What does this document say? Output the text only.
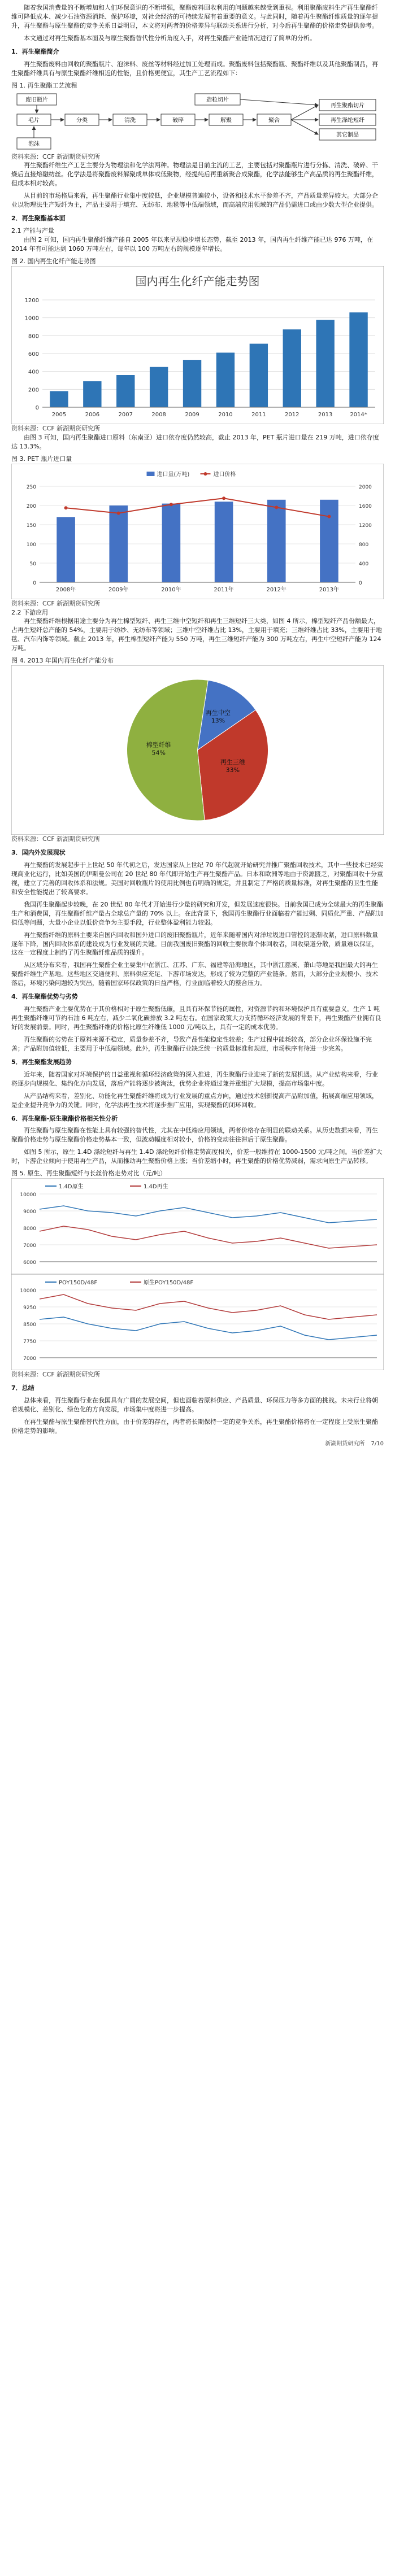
随着我国消费量的不断增加和人们环保意识的不断增强，聚酯废料回收利用的问题越来越受到重视。利用聚酯废料生产再生聚酯纤维可降低成本、减少石油资源消耗、保护环境，对社会经济的可持续发展有着重要的意义。与此同时，随着再生聚酯纤维质量的逐年提升，再生聚酯与原生聚酯的竞争关系日益明显，本文将对两者的价格差异与联动关系进行分析，对今后再生聚酯的价格走势提供参考。

本文通过对再生聚酯基本面及与原生聚酯替代性分析角度入手，对再生聚酯产业链情况进行了简单的分析。

1．再生聚酯简介

再生聚酯废料由回收的聚酯瓶片、泡沫料、废丝等材料经过加工处理而成。聚酯废料包括聚酯瓶、聚酯纤维以及其他聚酯制品，再生聚酯纤维具有与原生聚酯纤维相近的性能，且价格更便宜，其生产工艺流程如下：

图 1. 再生聚酯工艺流程
废旧瓶片	造粒切片
毛片	分类	清洗	破碎	解聚	聚合
再生聚酯切片
再生涤纶短纤
其它制品
泡沫
资料来源：CCF 新湖期货研究所

再生聚酯纤维生产工艺主要分为物理法和化学法两种。物理法是目前主流的工艺，主要包括对聚酯瓶片进行分拣、清洗、破碎、干燥后直接熔融纺丝。化学法是将聚酯废料解聚成单体或低聚物，经提纯后再重新聚合成聚酯，化学法能够生产高品质的再生聚酯纤维，但成本相对较高。

从目前的市场格局来看，再生聚酯行业集中度较低，企业规模普遍较小，设备和技术水平参差不齐，产品质量差异较大。大部分企业以物理法生产短纤为主，产品主要用于填充、无纺布、地毯等中低端领域，而高端应用领域的产品仍需进口或由少数大型企业提供。

2．再生聚酯基本面
2.1 产能与产量

由图 2 可知，国内再生聚酯纤维产能自 2005 年以来呈现稳步增长态势，截至 2013 年，国内再生纤维产能已达 976 万吨，在 2014 年有可能达到 1060 万吨左右，每年以 100 万吨左右的规模逐年增长。

图 2. 国内再生化纤产能走势图
国内再生化纤产能走势图
0
200
400
600
800
1000
1200
2005	2006	2007	2008	2009	2010	2011	2012	2013	2014*
资料来源：CCF 新湖期货研究所

由图 3 可知，国内再生聚酯进口原料（东南亚）进口依存度仍然较高，截止 2013 年，PET 瓶片进口量在 219 万吨，进口依存度达 13.3%。

图 3. PET 瓶片进口量
0	0
50	400
100	800
150	1200
200	1600
250	2000
2008年	2009年	2010年	2011年	2012年	2013年
进口量(万吨)	进口价格
资料来源：CCF 新湖期货研究所
2.2 下游应用

再生聚酯纤维根据用途主要分为再生棉型短纤、再生三维中空短纤和再生三维短纤三大类，如图 4 所示，棉型短纤产品份额最大，占再生短纤总产能的 54%，主要用于纺纱、无纺布等领域；三维中空纤维占比 13%，主要用于填充；三维纤维占比 33%，主要用于地毯、汽车内饰等领域。截止 2013 年，再生棉型短纤产能为 550 万吨，再生三维短纤产能为 300 万吨左右，再生中空短纤产能为 124 万吨。

图 4. 2013 年国内再生化纤产能分布
再生中空 13%
再生三维 33%
棉型纤维 54%
资料来源：CCF 新湖期货研究所
3．国内外发展现状

再生聚酯的发展起步于上世纪 50 年代初之后，发达国家从上世纪 70 年代起就开始研究并推广聚酯回收技术，其中一些技术已经实现商业化运行，比如美国的伊斯曼公司在 20 世纪 80 年代即开始生产再生聚酯产品。日本和欧洲等地由于资源匮乏，对聚酯回收十分重视，建立了完善的回收体系和法规。美国对回收瓶片的使用比例也有明确的规定，并且制定了严格的质量标准，对再生聚酯的卫生性能和安全性能提出了较高要求。

我国再生聚酯起步较晚，在 20 世纪 80 年代才开始进行少量的研究和开发，但发展速度很快。目前我国已成为全球最大的再生聚酯生产和消费国，再生聚酯纤维产量占全球总产量的 70% 以上。在此背景下，我国再生聚酯行业面临着产能过剩、同质化严重、产品附加值低等问题，大量小企业以低价竞争为主要手段，行业整体盈利能力较弱。

再生聚酯纤维的原料主要来自国内回收和国外进口的废旧聚酯瓶片，近年来随着国内对洋垃圾进口管控的逐渐收紧，进口原料数量逐年下降，国内回收体系的建设成为行业发展的关键。目前我国废旧聚酯的回收主要依靠个体回收者，回收渠道分散，质量难以保证，这在一定程度上制约了再生聚酯纤维品质的提升。

从区域分布来看，我国再生聚酯企业主要集中在浙江、江苏、广东、福建等沿海地区，其中浙江慈溪、萧山等地是我国最大的再生聚酯纤维生产基地。这些地区交通便利、原料供应充足、下游市场发达，形成了较为完整的产业链条。然而，大部分企业规模小、技术落后，环境污染问题较为突出，随着国家环保政策的日益严格，行业面临着较大的整合压力。

4．再生聚酯优势与劣势

再生聚酯产业主要优势在于其价格相对于原生聚酯低廉，且具有环保节能的属性，对资源节约和环境保护具有重要意义。生产 1 吨再生聚酯纤维可节约石油 6 吨左右，减少二氧化碳排放 3.2 吨左右。在国家政策大力支持循环经济发展的背景下，再生聚酯产业拥有良好的发展前景。同时，再生聚酯纤维的价格比原生纤维低 1000 元/吨以上，具有一定的成本优势。

再生聚酯的劣势在于原料来源不稳定，质量参差不齐，导致产品性能稳定性较差；生产过程中能耗较高，部分企业环保设施不完善；产品附加值较低，主要用于中低端领域。此外，再生聚酯行业缺乏统一的质量标准和规范，市场秩序有待进一步完善。

5．再生聚酯发展趋势

近年来，随着国家对环境保护的日益重视和循环经济政策的深入推进，再生聚酯行业迎来了新的发展机遇。从产业结构来看，行业将逐步向规模化、集约化方向发展，落后产能将逐步被淘汰，优势企业将通过兼并重组扩大规模，提高市场集中度。

从产品结构来看，差别化、功能化再生聚酯纤维将成为行业发展的重点方向，通过技术创新提高产品附加值，拓展高端应用领域，是企业提升竞争力的关键。同时，化学法再生技术将逐步推广应用，实现聚酯的闭环回收。

6．再生聚酯-原生聚酯价格相关性分析

再生聚酯与原生聚酯在性能上具有较强的替代性，尤其在中低端应用领域，两者价格存在明显的联动关系。从历史数据来看，再生聚酯价格走势与原生聚酯价格走势基本一致，但波动幅度相对较小，价格的变动往往滞后于原生聚酯。

如图 5 所示，原生 1.4D 涤纶短纤与再生 1.4D 涤纶短纤价格走势高度相关，价差一般维持在 1000-1500 元/吨之间。当价差扩大时，下游企业倾向于使用再生产品，从而推动再生聚酯价格上涨；当价差缩小时，再生聚酯的价格优势减弱，需求向原生产品转移。

图 5. 原生、再生聚酯短纤与长丝价格走势对比（元/吨）
6000
7000
8000
9000
10000
1.4D原生	1.4D再生
7000
7750
8500
9250
10000
POY150D/48F	原生POY150D/48F
资料来源：CCF 新湖期货研究所
7．总结

总体来看，再生聚酯行业在我国具有广阔的发展空间，但也面临着原料供应、产品质量、环保压力等多方面的挑战。未来行业将朝着规模化、差别化、绿色化的方向发展，市场集中度将进一步提高。

在再生聚酯与原生聚酯替代性方面，由于价差的存在，两者将长期保持一定的竞争关系，再生聚酯价格将在一定程度上受原生聚酯价格走势的影响。

新湖期货研究所 7/10
